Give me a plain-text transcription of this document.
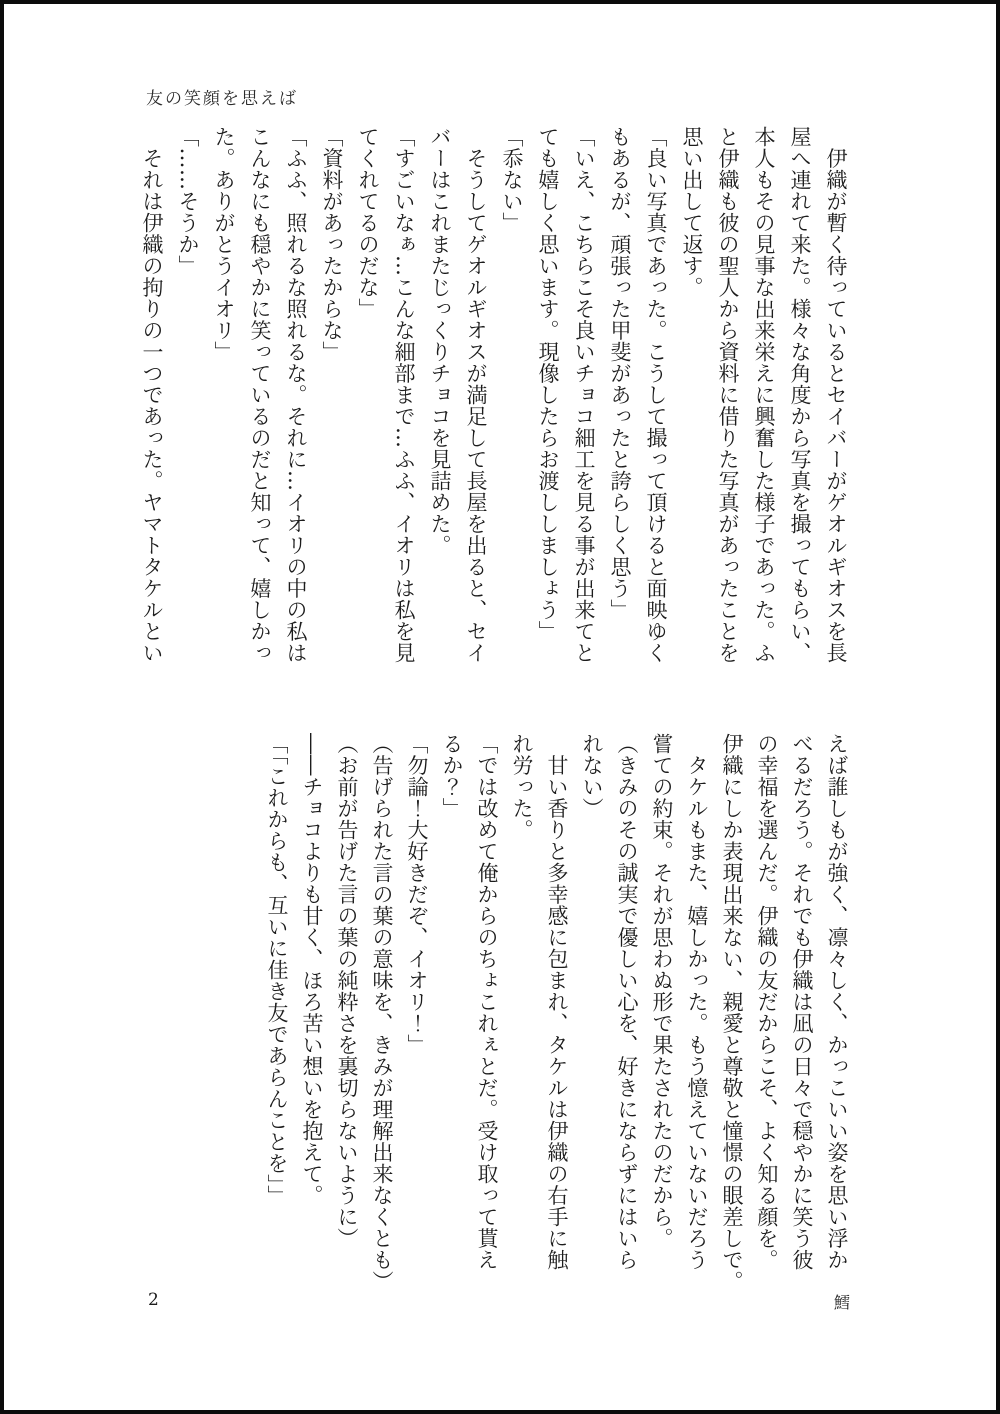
友の笑顔を思えば
　伊織が暫く待っているとセイバーがゲオルギオスを長
屋へ連れて来た。様々な角度から写真を撮ってもらい、
本人もその見事な出来栄えに興奮した様子であった。ふ
と伊織も彼の聖人から資料に借りた写真があったことを
思い出して返す。
「良い写真であった。こうして撮って頂けると面映ゆく
もあるが、頑張った甲斐があったと誇らしく思う」
「いえ、こちらこそ良いチョコ細工を見る事が出来てと
ても嬉しく思います。現像したらお渡ししましょう」
「忝ない」
　そうしてゲオルギオスが満足して長屋を出ると、セイ
バーはこれまたじっくりチョコを見詰めた。
「すごいなぁ…こんな細部まで…ふふ、イオリは私を見
てくれてるのだな」
「資料があったからな」
「ふふ、照れるな照れるな。それに…イオリの中の私は
こんなにも穏やかに笑っているのだと知って、嬉しかっ
た。ありがとうイオリ」
「……そうか」
　それは伊織の拘りの一つであった。ヤマトタケルとい
えば誰しもが強く、凛々しく、かっこいい姿を思い浮か
べるだろう。それでも伊織は凪の日々で穏やかに笑う彼
の幸福を選んだ。伊織の友だからこそ、よく知る顔を。
伊織にしか表現出来ない、親愛と尊敬と憧憬の眼差しで。
　タケルもまた、嬉しかった。もう憶えていないだろう
嘗ての約束。それが思わぬ形で果たされたのだから。
（きみのその誠実で優しい心を、好きにならずにはいら
れない）
　甘い香りと多幸感に包まれ、タケルは伊織の右手に触
れ労った。
「では改めて俺からのちょこれぇとだ。受け取って貰え
るか？」
「勿論！大好きだぞ、イオリ！」
（告げられた言の葉の意味を、きみが理解出来なくとも）
（お前が告げた言の葉の純粋さを裏切らないように）
――チョコよりも甘く、ほろ苦い想いを抱えて。
「「これからも、互いに佳き友であらんことを」」
2	鱈
